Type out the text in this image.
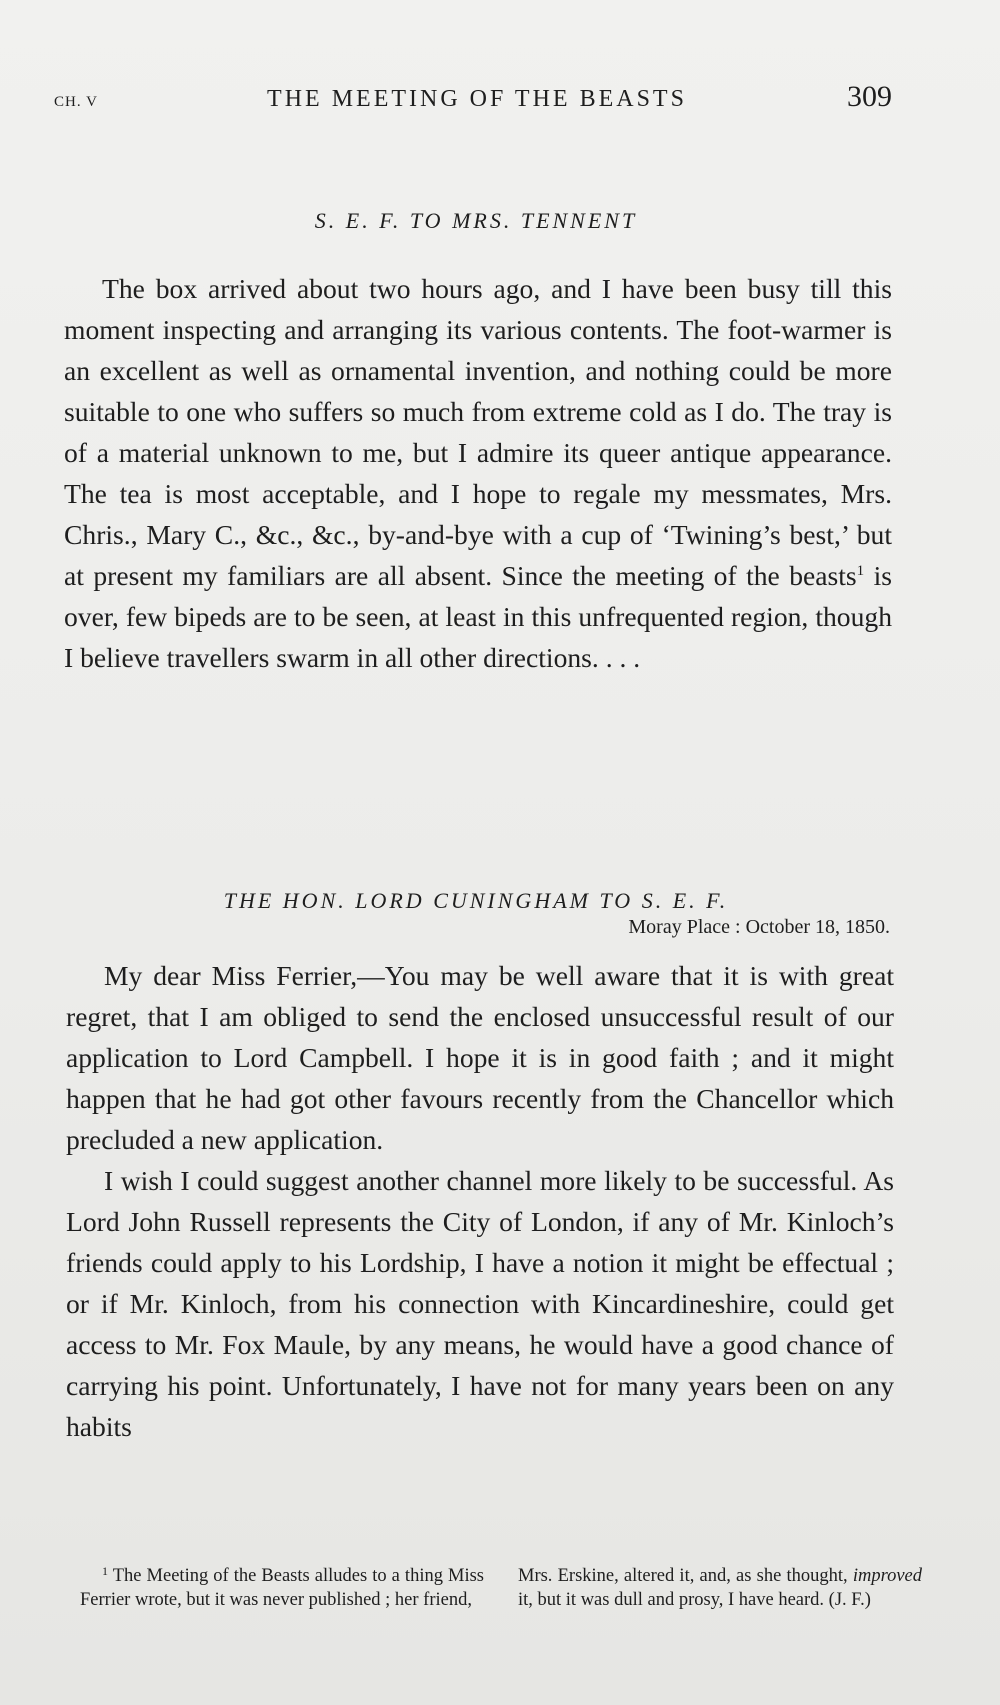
CH. V	THE MEETING OF THE BEASTS	309
S. E. F. TO MRS. TENNENT

The box arrived about two hours ago, and I have been busy till this moment inspecting and arranging its various contents. The foot-warmer is an excellent as well as ornamental invention, and nothing could be more suitable to one who suffers so much from extreme cold as I do. The tray is of a material unknown to me, but I admire its queer antique appearance. The tea is most acceptable, and I hope to regale my messmates, Mrs. Chris., Mary C., &c., &c., by-and-bye with a cup of ‘Twining’s best,’ but at present my familiars are all absent. Since the meeting of the beasts$^1$ is over, few bipeds are to be seen, at least in this unfrequented region, though I believe travellers swarm in all other directions. . . .

THE HON. LORD CUNINGHAM TO S. E. F.
Moray Place : October 18, 1850.

My dear Miss Ferrier,—You may be well aware that it is with great regret, that I am obliged to send the enclosed unsuccessful result of our application to Lord Campbell. I hope it is in good faith ; and it might happen that he had got other favours recently from the Chancellor which precluded a new application.

I wish I could suggest another channel more likely to be successful. As Lord John Russell represents the City of London, if any of Mr. Kinloch’s friends could apply to his Lordship, I have a notion it might be effectual ; or if Mr. Kinloch, from his connection with Kincardineshire, could get access to Mr. Fox Maule, by any means, he would have a good chance of carrying his point. Unfortunately, I have not for many years been on any habits

$^1$ The Meeting of the Beasts alludes to a thing Miss Ferrier wrote, but it was never published ; her friend,

Mrs. Erskine, altered it, and, as she thought, improved it, but it was dull and prosy, I have heard. (J. F.)
